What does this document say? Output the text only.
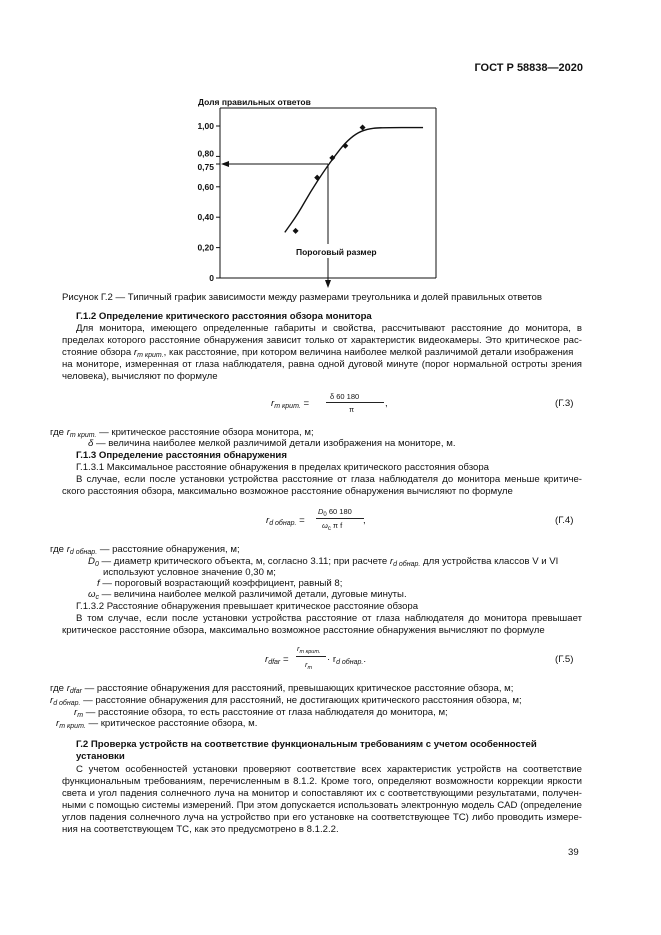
ГОСТ Р 58838—2020
Доля правильных ответов
0
0,20
0,40
0,60
0,75
0,80
1,00
Пороговый размер
Рисунок Г.2 — Типичный график зависимости между размерами треугольника и долей правильных ответов
Г.1.2 Определение критического расстояния обзора монитора
Для монитора, имеющего определенные габариты и свойства, рассчитывают расстояние до монитора, в
пределах которого расстояние обнаружения зависит только от характеристик видеокамеры. Это критическое рас-
стояние обзора $r_{m крит.}$, как расстояние, при котором величина наиболее мелкой различимой детали изображения
на мониторе, измеренная от глаза наблюдателя, равна одной дуговой минуте (порог нормальной остроты зрения
человека), вычисляют по формуле
$r_{m крит.}$ =
δ 60 180
π
,	(Г.3)
где $r_{m крит.}$ — критическое расстояние обзора монитора, м;
δ — величина наиболее мелкой различимой детали изображения на мониторе, м.
Г.1.3 Определение расстояния обнаружения
Г.1.3.1 Максимальное расстояние обнаружения в пределах критического расстояния обзора
В случае, если после установки устройства расстояние от глаза наблюдателя до монитора меньше критиче-
ского расстояния обзора, максимально возможное расстояние обнаружения вычисляют по формуле
$r_{d обнар.}$ =
$D_0$ 60 180
$\omega_c$ π f ,	(Г.4)
где $r_{d обнар.}$ — расстояние обнаружения, м;
$D_0$ — диаметр критического объекта, м, согласно 3.11; при расчете $r_{d обнар.}$ для устройства классов V и VI
используют условное значение 0,30 м;
f — пороговый возрастающий коэффициент, равный 8;
$\omega_c$ — величина наиболее мелкой различимой детали, дуговые минуты.
Г.1.3.2 Расстояние обнаружения превышает критическое расстояние обзора
В том случае, если после установки устройства расстояние от глаза наблюдателя до монитора превышает
критическое расстояние обзора, максимально возможное расстояние обнаружения вычисляют по формуле
$r_{dfar}$ =
$r_{m крит.}$
$r_m$
· $r_{d обнар.}$.	(Г.5)
где $r_{dfar}$ — расстояние обнаружения для расстояний, превышающих критическое расстояние обзора, м;
$r_{d обнар.}$ — расстояние обнаружения для расстояний, не достигающих критического расстояния обзора, м;
$r_m$ — расстояние обзора, то есть расстояние от глаза наблюдателя до монитора, м;
$r_{m крит.}$ — критическое расстояние обзора, м.
Г.2 Проверка устройств на соответствие функциональным требованиям с учетом особенностей
установки
С учетом особенностей установки проверяют соответствие всех характеристик устройств на соответствие
функциональным требованиям, перечисленным в 8.1.2. Кроме того, определяют возможности коррекции яркости
света и угол падения солнечного луча на монитор и сопоставляют их с соответствующими результатами, получен-
ными с помощью системы измерений. При этом допускается использовать электронную модель CAD (определение
углов падения солнечного луча на устройство при его установке на соответствующее ТС) либо проводить измере-
ния на соответствующем ТС, как это предусмотрено в 8.1.2.2.
39
